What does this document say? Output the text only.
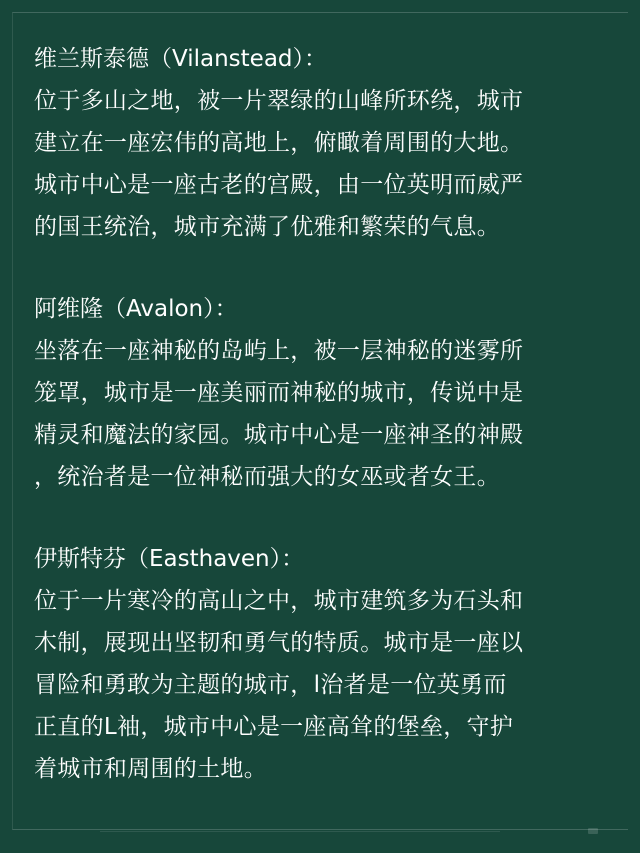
维兰斯泰德（Vilanstead）：
位于多山之地，被一片翠绿的山峰所环绕，城市
建立在一座宏伟的高地上，俯瞰着周围的大地。
城市中心是一座古老的宫殿，由一位英明而威严
的国王统治，城市充满了优雅和繁荣的气息。
阿维隆（Avalon）：
坐落在一座神秘的岛屿上，被一层神秘的迷雾所
笼罩，城市是一座美丽而神秘的城市，传说中是
精灵和魔法的家园。城市中心是一座神圣的神殿
，统治者是一位神秘而强大的女巫或者女王。
伊斯特芬（Easthaven）：
位于一片寒冷的高山之中，城市建筑多为石头和
木制，展现出坚韧和勇气的特质。城市是一座以
冒险和勇敢为主题的城市，l治者是一位英勇而
正直的L袖，城市中心是一座高耸的堡垒，守护
着城市和周围的土地。
